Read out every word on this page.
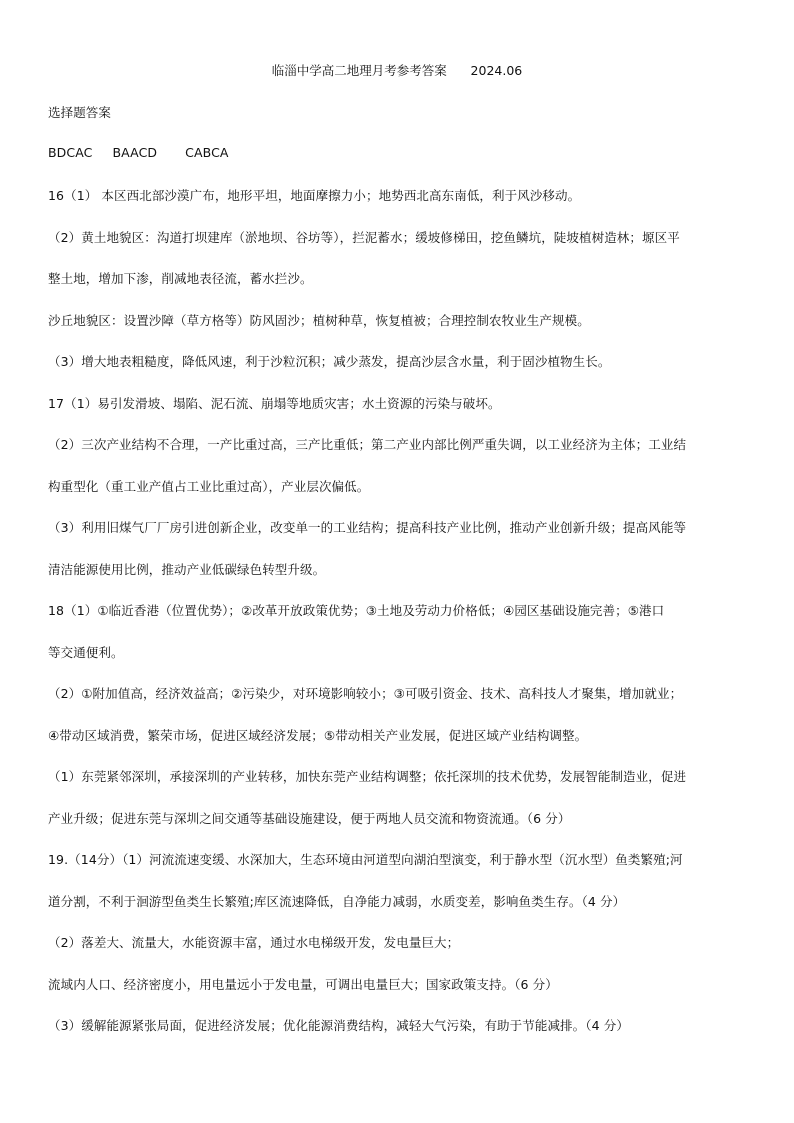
临淄中学高二地理月考参考答案      2024.06
选择题答案
BDCAC BAACD CABCA
16（1） 本区西北部沙漠广布，地形平坦，地面摩擦力小；地势西北高东南低，利于风沙移动。
（2）黄土地貌区：沟道打坝建库（淤地坝、谷坊等），拦泥蓄水；缓坡修梯田，挖鱼鳞坑，陡坡植树造林；塬区平
整土地，增加下渗，削减地表径流，蓄水拦沙。
沙丘地貌区：设置沙障（草方格等）防风固沙；植树种草，恢复植被；合理控制农牧业生产规模。
（3）增大地表粗糙度，降低风速，利于沙粒沉积；减少蒸发，提高沙层含水量，利于固沙植物生长。
17（1）易引发滑坡、塌陷、泥石流、崩塌等地质灾害；水土资源的污染与破坏。
（2）三次产业结构不合理，一产比重过高，三产比重低；第二产业内部比例严重失调，以工业经济为主体；工业结
构重型化（重工业产值占工业比重过高），产业层次偏低。
（3）利用旧煤气厂厂房引进创新企业，改变单一的工业结构；提高科技产业比例，推动产业创新升级；提高风能等
清洁能源使用比例，推动产业低碳绿色转型升级。
18（1）①临近香港（位置优势）；②改革开放政策优势；③土地及劳动力价格低；④园区基础设施完善；⑤港口
等交通便利。
（2）①附加值高，经济效益高；②污染少，对环境影响较小；③可吸引资金、技术、高科技人才聚集，增加就业；
④带动区域消费，繁荣市场，促进区域经济发展；⑤带动相关产业发展，促进区域产业结构调整。
（1）东莞紧邻深圳，承接深圳的产业转移，加快东莞产业结构调整；依托深圳的技术优势，发展智能制造业，促进
产业升级；促进东莞与深圳之间交通等基础设施建设，便于两地人员交流和物资流通。（6 分）
19.（14分）（1）河流流速变缓、水深加大，生态环境由河道型向湖泊型演变，利于静水型（沉水型）鱼类繁殖;河
道分割，不利于洄游型鱼类生长繁殖;库区流速降低，自净能力减弱，水质变差，影响鱼类生存。（4 分）
（2）落差大、流量大，水能资源丰富，通过水电梯级开发，发电量巨大；
流域内人口、经济密度小，用电量远小于发电量，可调出电量巨大；国家政策支持。（6 分）
（3）缓解能源紧张局面，促进经济发展；优化能源消费结构，减轻大气污染，有助于节能减排。（4 分）
